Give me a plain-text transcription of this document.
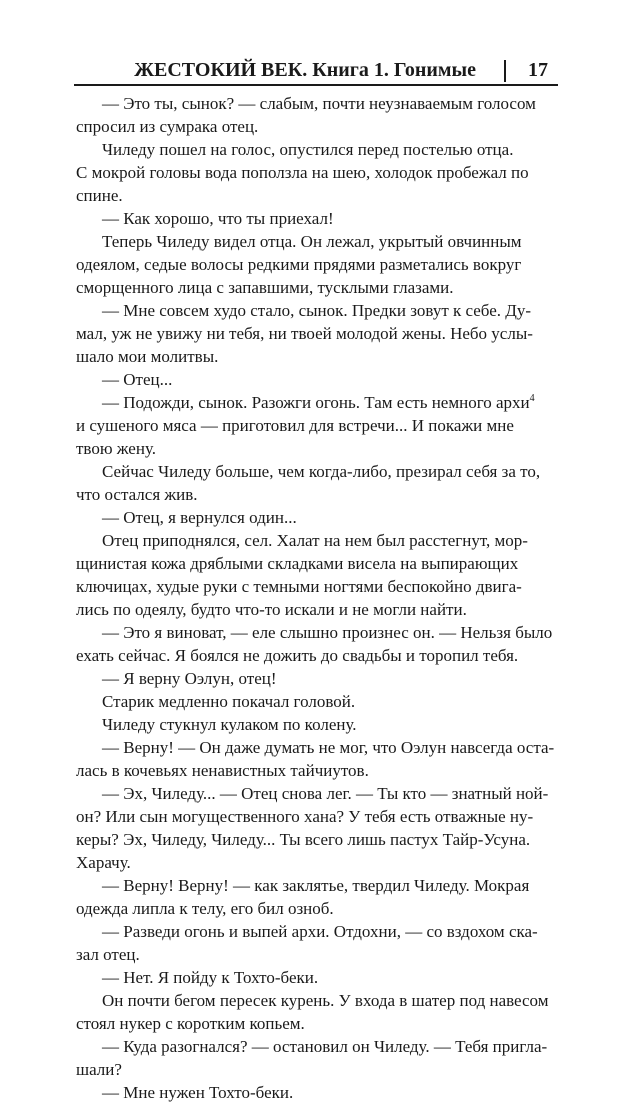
ЖЕСТОКИЙ ВЕК. Книга 1. Гонимые	17
— Это ты, сынок? — слабым, почти неузнаваемым голосом
спросил из сумрака отец.
Чиледу пошел на голос, опустился перед постелью отца.
С мокрой головы вода поползла на шею, холодок пробежал по
спине.
— Как хорошо, что ты приехал!
Теперь Чиледу видел отца. Он лежал, укрытый овчинным
одеялом, седые волосы редкими прядями разметались вокруг
сморщенного лица с запавшими, тусклыми глазами.
— Мне совсем худо стало, сынок. Предки зовут к себе. Ду-
мал, уж не увижу ни тебя, ни твоей молодой жены. Небо услы-
шало мои молитвы.
— Отец...
— Подожди, сынок. Разожги огонь. Там есть немного архи$^4$
и сушеного мяса — приготовил для встречи... И покажи мне
твою жену.
Сейчас Чиледу больше, чем когда-либо, презирал себя за то,
что остался жив.
— Отец, я вернулся один...
Отец приподнялся, сел. Халат на нем был расстегнут, мор-
щинистая кожа дряблыми складками висела на выпирающих
ключицах, худые руки с темными ногтями беспокойно двига-
лись по одеялу, будто что-то искали и не могли найти.
— Это я виноват, — еле слышно произнес он. — Нельзя было
ехать сейчас. Я боялся не дожить до свадьбы и торопил тебя.
— Я верну Оэлун, отец!
Старик медленно покачал головой.
Чиледу стукнул кулаком по колену.
— Верну! — Он даже думать не мог, что Оэлун навсегда оста-
лась в кочевьях ненавистных тайчиутов.
— Эх, Чиледу... — Отец снова лег. — Ты кто — знатный ной-
он? Или сын могущественного хана? У тебя есть отважные ну-
керы? Эх, Чиледу, Чиледу... Ты всего лишь пастух Тайр-Усуна.
Харачу.
— Верну! Верну! — как заклятье, твердил Чиледу. Мокрая
одежда липла к телу, его бил озноб.
— Разведи огонь и выпей архи. Отдохни, — со вздохом ска-
зал отец.
— Нет. Я пойду к Тохто-беки.
Он почти бегом пересек курень. У входа в шатер под навесом
стоял нукер с коротким копьем.
— Куда разогнался? — остановил он Чиледу. — Тебя пригла-
шали?
— Мне нужен Тохто-беки.
